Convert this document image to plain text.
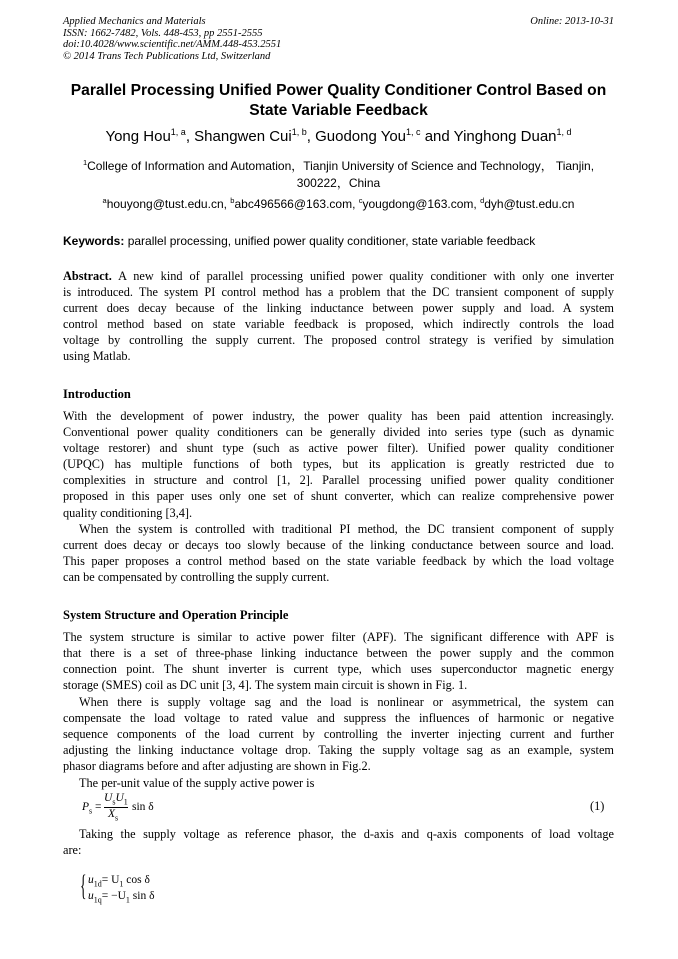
Applied Mechanics and Materials
ISSN: 1662-7482, Vols. 448-453, pp 2551-2555
doi:10.4028/www.scientific.net/AMM.448-453.2551
© 2014 Trans Tech Publications Ltd, Switzerland
Online: 2013-10-31
Parallel Processing Unified Power Quality Conditioner Control Based on
State Variable Feedback
Yong Hou$^{1, a}$, Shangwen Cui$^{1, b}$, Guodong You$^{1, c}$ and Yinghong Duan$^{1, d}$
$^1$College of Information and Automation，Tianjin University of Science and Technology， Tianjin,
300222，China
$^a$houyong@tust.edu.cn, $^b$abc496566@163.com, $^c$yougdong@163.com, $^d$dyh@tust.edu.cn
Keywords: parallel processing, unified power quality conditioner, state variable feedback
Abstract. A new kind of parallel processing unified power quality conditioner with only one inverter
is introduced. The system PI control method has a problem that the DC transient component of supply
current does decay because of the linking inductance between power supply and load. A system
control method based on state variable feedback is proposed, which indirectly controls the load
voltage by controlling the supply current. The proposed control strategy is verified by simulation
using Matlab.
Introduction
With the development of power industry, the power quality has been paid attention increasingly.
Conventional power quality conditioners can be generally divided into series type (such as dynamic
voltage restorer) and shunt type (such as active power filter). Unified power quality conditioner
(UPQC) has multiple functions of both types, but its application is greatly restricted due to
complexities in structure and control [1, 2]. Parallel processing unified power quality conditioner
proposed in this paper uses only one set of shunt converter, which can realize comprehensive power
quality conditioning [3,4].
When the system is controlled with traditional PI method, the DC transient component of supply
current does decay or decays too slowly because of the linking conductance between source and load.
This paper proposes a control method based on the state variable feedback by which the load voltage
can be compensated by controlling the supply current.
System Structure and Operation Principle
The system structure is similar to active power filter (APF). The significant difference with APF is
that there is a set of three-phase linking inductance between the power supply and the common
connection point. The shunt inverter is current type, which uses superconductor magnetic energy
storage (SMES) coil as DC unit [3, 4]. The system main circuit is shown in Fig. 1.
When there is supply voltage sag and the load is nonlinear or asymmetrical, the system can
compensate the load voltage to rated value and suppress the influences of harmonic or negative
sequence components of the load current by controlling the inverter injecting current and further
adjusting the linking inductance voltage drop. Taking the supply voltage sag as an example, system
phasor diagrams before and after adjusting are shown in Fig.2.
The per-unit value of the supply active power is
$P_s$ =
$U_sU_1$
$X_s$
sin δ	(1)
Taking the supply voltage as reference phasor, the d-axis and q-axis components of load voltage
are:
{ $u_{1d}= U_1$ cos δ
$u_{1q}= -U_1$ sin δ
